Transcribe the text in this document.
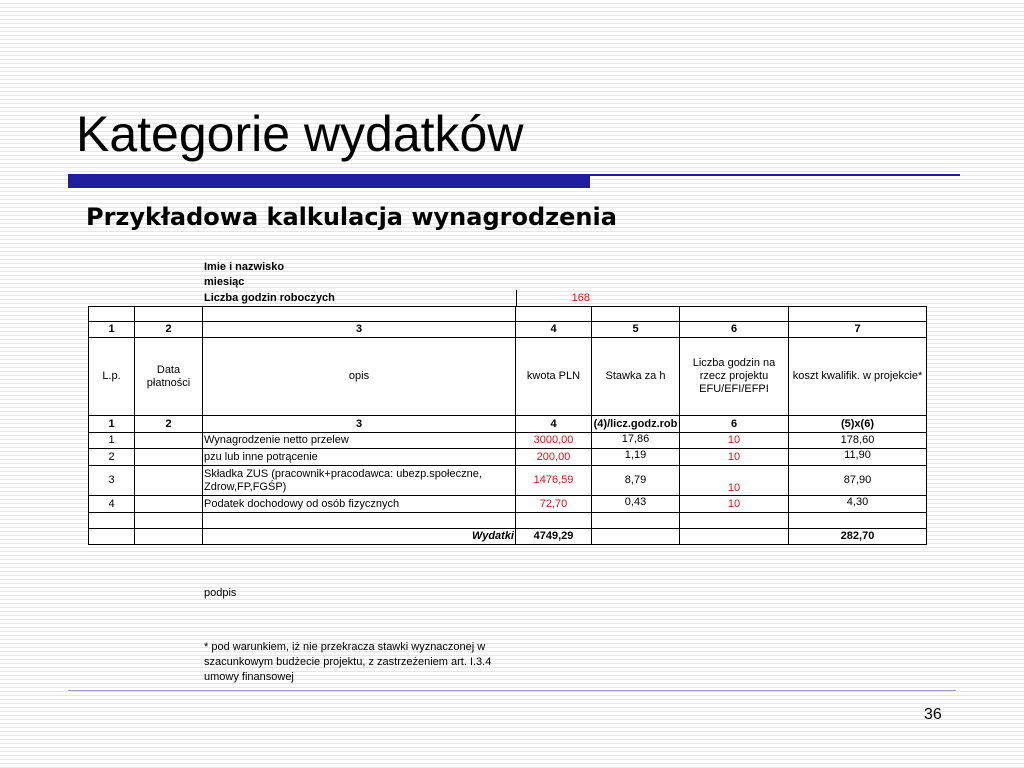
Kategorie wydatków
Przykładowa kalkulacja wynagrodzenia
Imie i nazwisko
miesiąc
Liczba godzin roboczych	168

1	2	3	4	5	6	7
L.p.	Data płatności	opis	kwota PLN	Stawka za h	Liczba godzin na rzecz projektu EFU/EFI/EFPI	koszt kwalifik. w projekcie*
1	2	3	4	(4)/licz.godz.rob	6	(5)x(6)
1		Wynagrodzenie netto przelew	3000,00	17,86	10	178,60
2		pzu lub inne potrącenie	200,00	1,19	10	11,90
3		Składka ZUS (pracownik+pracodawca: ubezp.społeczne, Zdrow,FP,FGŚP)	1476,59	8,79	10	87,90
4		Podatek dochodowy od osób fizycznych	72,70	0,43	10	4,30

		Wydatki	4749,29			282,70
podpis
* pod warunkiem, iż nie przekracza stawki wyznaczonej w szacunkowym budżecie projektu, z zastrzeżeniem art. I.3.4 umowy finansowej
36
